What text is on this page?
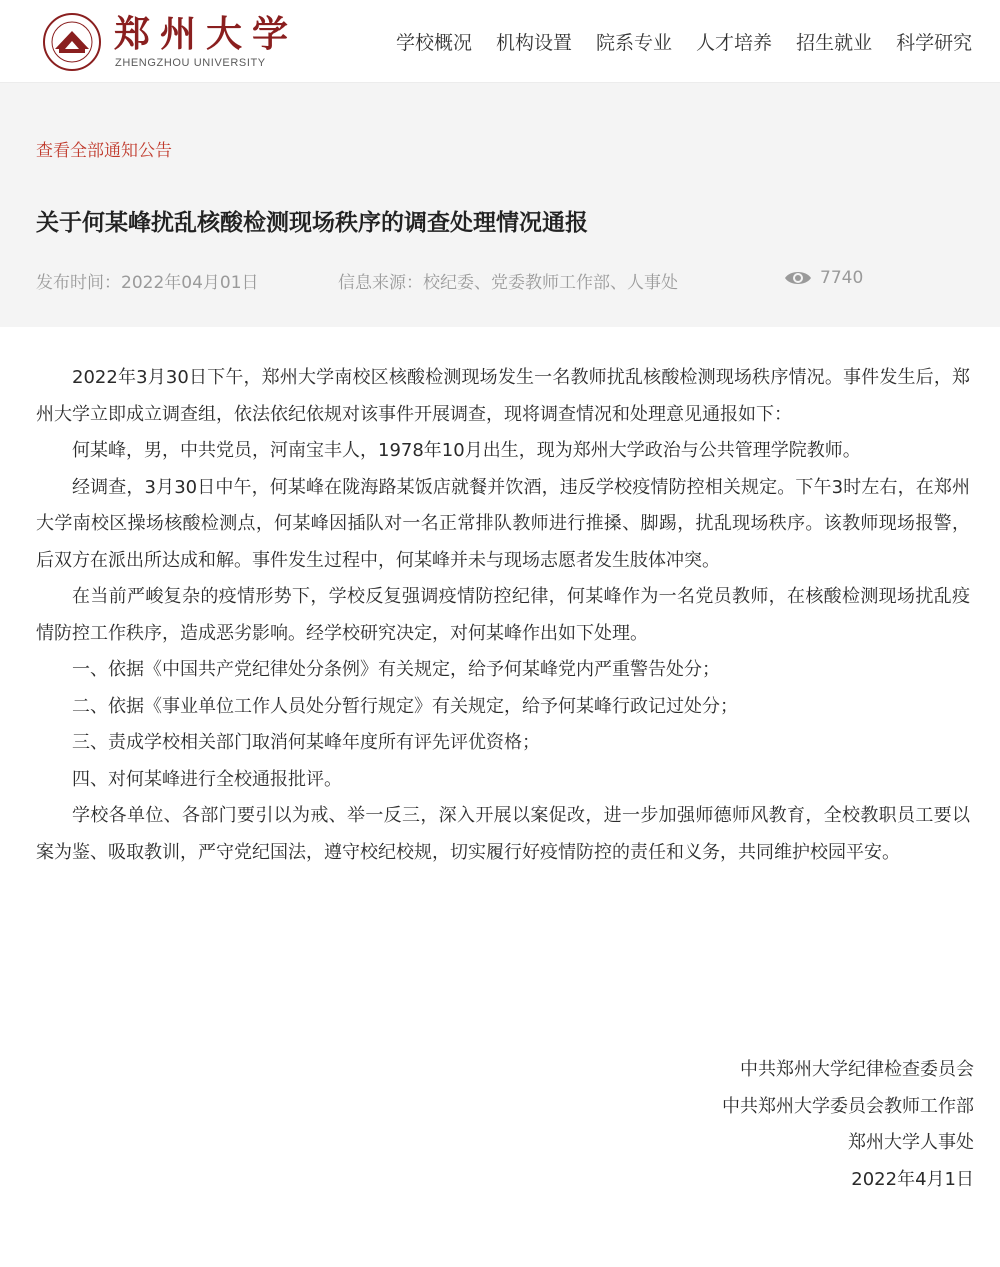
郑州大学
ZHENGZHOU UNIVERSITY
学校概况 机构设置 院系专业 人才培养 招生就业 科学研究
查看全部通知公告
关于何某峰扰乱核酸检测现场秩序的调查处理情况通报
发布时间：2022年04月01日	信息来源：校纪委、党委教师工作部、人事处	7740

2022年3月30日下午，郑州大学南校区核酸检测现场发生一名教师扰乱核酸检测现场秩序情况。事件发生后，郑州大学立即成立调查组，依法依纪依规对该事件开展调查，现将调查情况和处理意见通报如下：

何某峰，男，中共党员，河南宝丰人，1978年10月出生，现为郑州大学政治与公共管理学院教师。

经调查，3月30日中午，何某峰在陇海路某饭店就餐并饮酒，违反学校疫情防控相关规定。下午3时左右，在郑州大学南校区操场核酸检测点，何某峰因插队对一名正常排队教师进行推搡、脚踢，扰乱现场秩序。该教师现场报警，后双方在派出所达成和解。事件发生过程中，何某峰并未与现场志愿者发生肢体冲突。

在当前严峻复杂的疫情形势下，学校反复强调疫情防控纪律，何某峰作为一名党员教师，在核酸检测现场扰乱疫情防控工作秩序，造成恶劣影响。经学校研究决定，对何某峰作出如下处理。

一、依据《中国共产党纪律处分条例》有关规定，给予何某峰党内严重警告处分；

二、依据《事业单位工作人员处分暂行规定》有关规定，给予何某峰行政记过处分；

三、责成学校相关部门取消何某峰年度所有评先评优资格；

四、对何某峰进行全校通报批评。

学校各单位、各部门要引以为戒、举一反三，深入开展以案促改，进一步加强师德师风教育，全校教职员工要以案为鉴、吸取教训，严守党纪国法，遵守校纪校规，切实履行好疫情防控的责任和义务，共同维护校园平安。

中共郑州大学纪律检查委员会
中共郑州大学委员会教师工作部
郑州大学人事处
2022年4月1日
